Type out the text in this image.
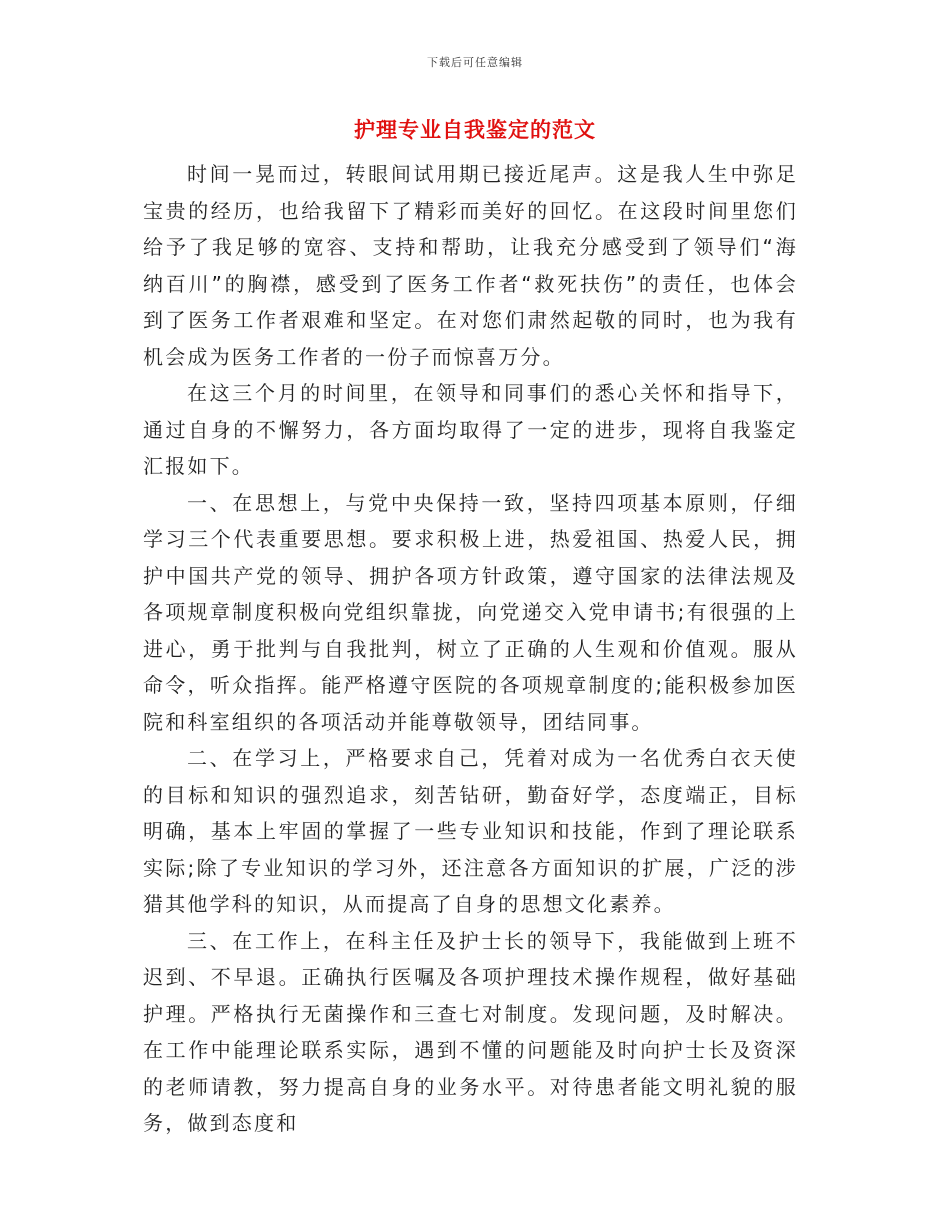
下载后可任意编辑
护理专业自我鉴定的范文

时间一晃而过，转眼间试用期已接近尾声。这是我人生中弥足宝贵的经历，也给我留下了精彩而美好的回忆。在这段时间里您们给予了我足够的宽容、支持和帮助，让我充分感受到了领导们“海纳百川”的胸襟，感受到了医务工作者“救死扶伤”的责任，也体会到了医务工作者艰难和坚定。在对您们肃然起敬的同时，也为我有机会成为医务工作者的一份子而惊喜万分。

在这三个月的时间里，在领导和同事们的悉心关怀和指导下，通过自身的不懈努力，各方面均取得了一定的进步，现将自我鉴定汇报如下。

一、在思想上，与党中央保持一致，坚持四项基本原则，仔细学习三个代表重要思想。要求积极上进，热爱祖国、热爱人民，拥护中国共产党的领导、拥护各项方针政策，遵守国家的法律法规及各项规章制度积极向党组织靠拢，向党递交入党申请书;有很强的上进心，勇于批判与自我批判，树立了正确的人生观和价值观。服从命令，听众指挥。能严格遵守医院的各项规章制度的;能积极参加医院和科室组织的各项活动并能尊敬领导，团结同事。

二、在学习上，严格要求自己，凭着对成为一名优秀白衣天使的目标和知识的强烈追求，刻苦钻研，勤奋好学，态度端正，目标明确，基本上牢固的掌握了一些专业知识和技能，作到了理论联系实际;除了专业知识的学习外，还注意各方面知识的扩展，广泛的涉猎其他学科的知识，从而提高了自身的思想文化素养。

三、在工作上，在科主任及护士长的领导下，我能做到上班不迟到、不早退。正确执行医嘱及各项护理技术操作规程，做好基础护理。严格执行无菌操作和三查七对制度。发现问题，及时解决。在工作中能理论联系实际，遇到不懂的问题能及时向护士长及资深的老师请教，努力提高自身的业务水平。对待患者能文明礼貌的服务，做到态度和
